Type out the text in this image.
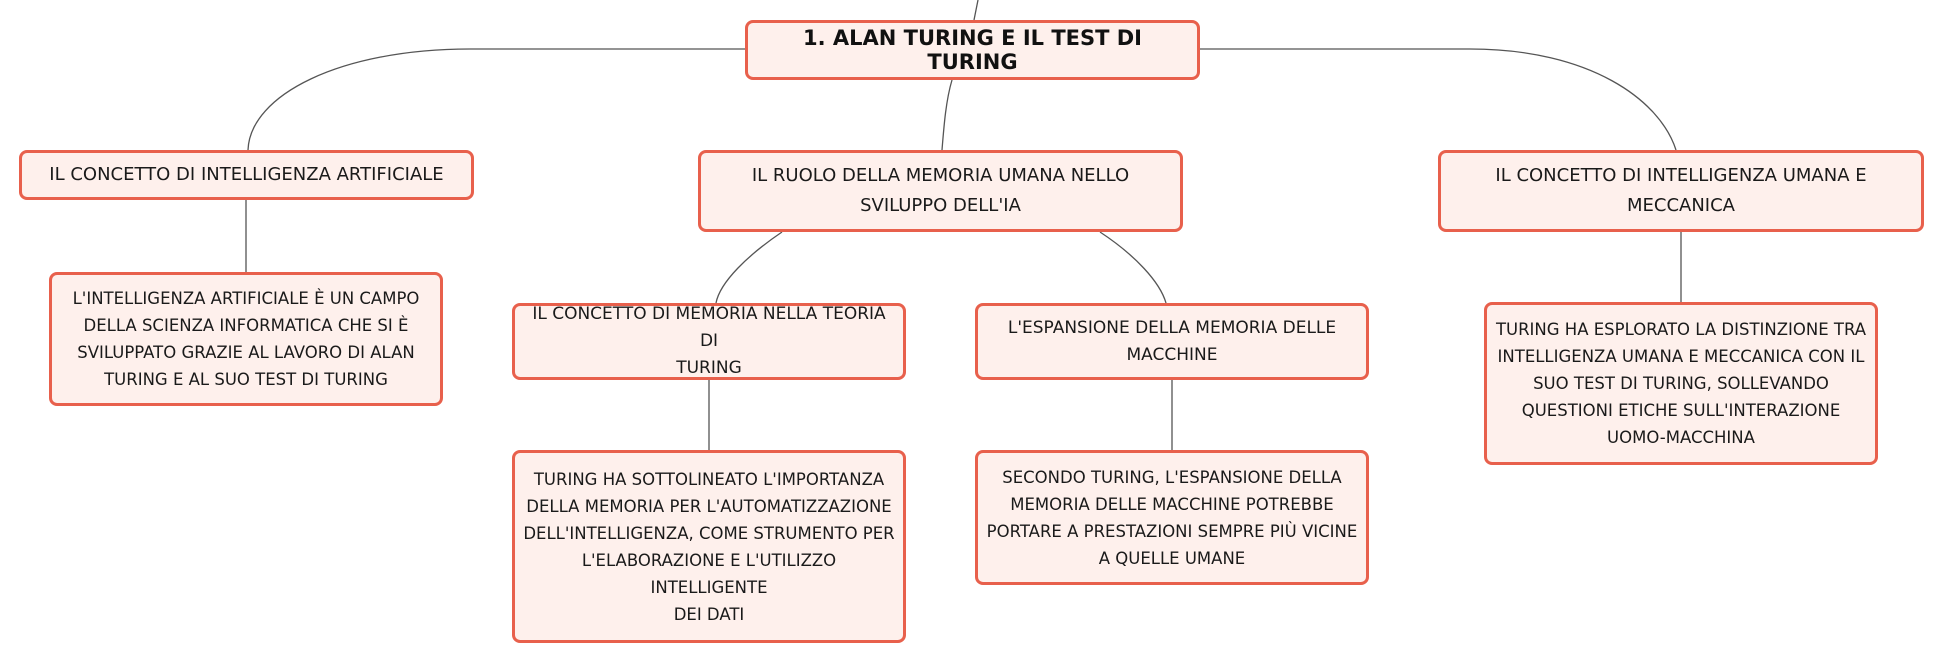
1. ALAN TURING E IL TEST DI TURING
IL CONCETTO DI INTELLIGENZA ARTIFICIALE
L'INTELLIGENZA ARTIFICIALE È UN CAMPO
DELLA SCIENZA INFORMATICA CHE SI È
SVILUPPATO GRAZIE AL LAVORO DI ALAN
TURING E AL SUO TEST DI TURING
IL RUOLO DELLA MEMORIA UMANA NELLO
SVILUPPO DELL'IA
IL CONCETTO DI MEMORIA NELLA TEORIA DI
TURING
TURING HA SOTTOLINEATO L'IMPORTANZA
DELLA MEMORIA PER L'AUTOMATIZZAZIONE
DELL'INTELLIGENZA, COME STRUMENTO PER
L'ELABORAZIONE E L'UTILIZZO INTELLIGENTE
DEI DATI
L'ESPANSIONE DELLA MEMORIA DELLE
MACCHINE
SECONDO TURING, L'ESPANSIONE DELLA
MEMORIA DELLE MACCHINE POTREBBE
PORTARE A PRESTAZIONI SEMPRE PIÙ VICINE
A QUELLE UMANE
IL CONCETTO DI INTELLIGENZA UMANA E
MECCANICA
TURING HA ESPLORATO LA DISTINZIONE TRA
INTELLIGENZA UMANA E MECCANICA CON IL
SUO TEST DI TURING, SOLLEVANDO
QUESTIONI ETICHE SULL'INTERAZIONE
UOMO-MACCHINA
